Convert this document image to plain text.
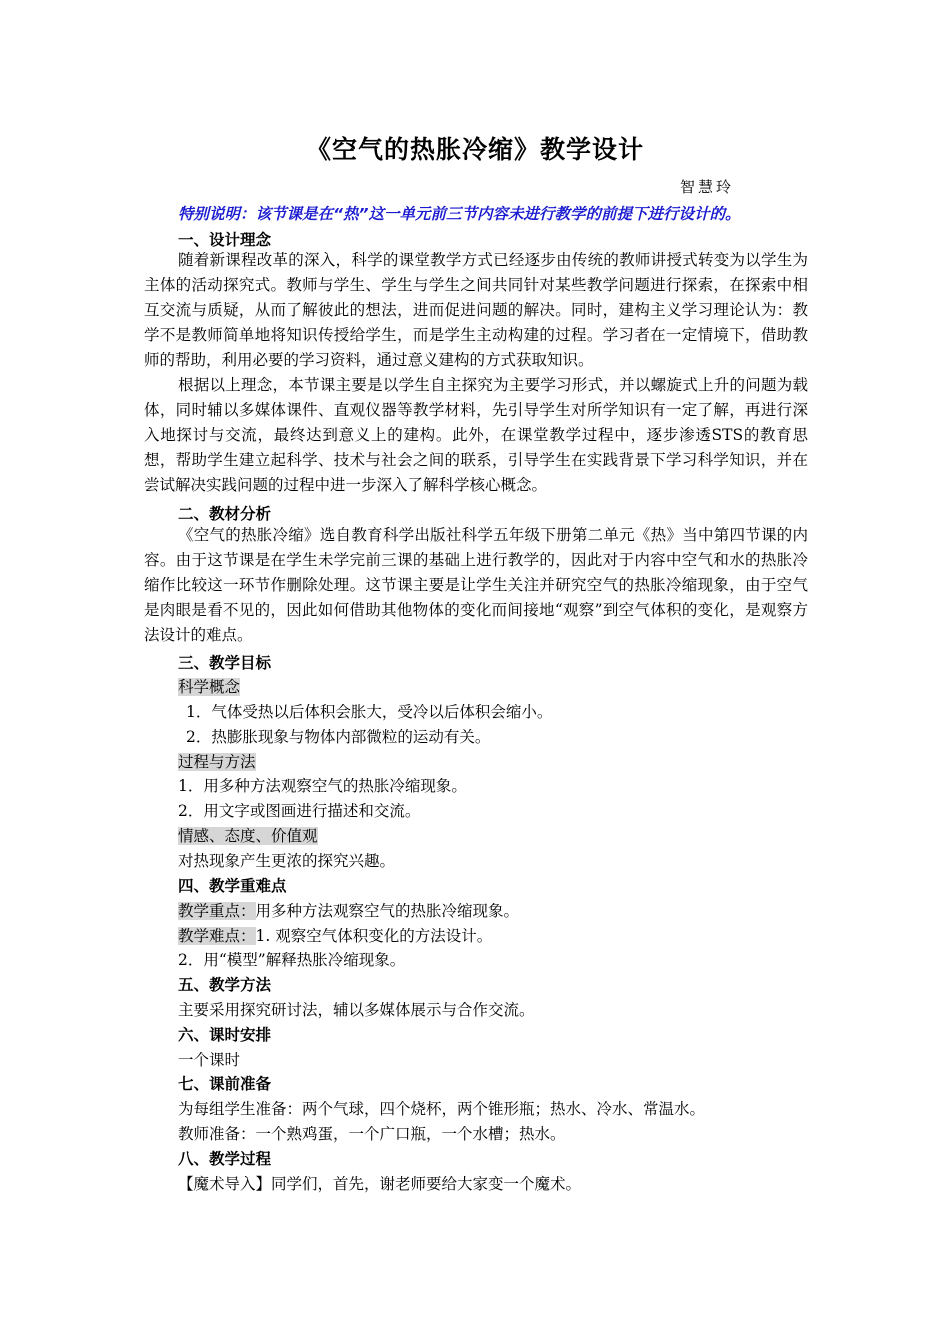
《空气的热胀冷缩》教学设计
智慧玲
特别说明：该节课是在“热”这一单元前三节内容未进行教学的前提下进行设计的。
一、设计理念
随着新课程改革的深入，科学的课堂教学方式已经逐步由传统的教师讲授式转变为以学生为主体的活动探究式。教师与学生、学生与学生之间共同针对某些教学问题进行探索，在探索中相互交流与质疑，从而了解彼此的想法，进而促进问题的解决。同时，建构主义学习理论认为：教学不是教师简单地将知识传授给学生，而是学生主动构建的过程。学习者在一定情境下，借助教师的帮助，利用必要的学习资料，通过意义建构的方式获取知识。
根据以上理念，本节课主要是以学生自主探究为主要学习形式，并以螺旋式上升的问题为载体，同时辅以多媒体课件、直观仪器等教学材料，先引导学生对所学知识有一定了解，再进行深入地探讨与交流，最终达到意义上的建构。此外，在课堂教学过程中，逐步渗透STS的教育思想，帮助学生建立起科学、技术与社会之间的联系，引导学生在实践背景下学习科学知识，并在尝试解决实践问题的过程中进一步深入了解科学核心概念。
二、教材分析
《空气的热胀冷缩》选自教育科学出版社科学五年级下册第二单元《热》当中第四节课的内容。由于这节课是在学生未学完前三课的基础上进行教学的，因此对于内容中空气和水的热胀冷缩作比较这一环节作删除处理。这节课主要是让学生关注并研究空气的热胀冷缩现象，由于空气是肉眼是看不见的，因此如何借助其他物体的变化而间接地“观察”到空气体积的变化，是观察方法设计的难点。
三、教学目标
科学概念
1．气体受热以后体积会胀大，受冷以后体积会缩小。
2．热膨胀现象与物体内部微粒的运动有关。
过程与方法
1．用多种方法观察空气的热胀冷缩现象。
2．用文字或图画进行描述和交流。
情感、态度、价值观
对热现象产生更浓的探究兴趣。
四、教学重难点
教学重点：用多种方法观察空气的热胀冷缩现象。
教学难点：1. 观察空气体积变化的方法设计。
2．用“模型”解释热胀冷缩现象。
五、教学方法
主要采用探究研讨法，辅以多媒体展示与合作交流。
六、课时安排
一个课时
七、课前准备
为每组学生准备：两个气球，四个烧杯，两个锥形瓶；热水、冷水、常温水。
教师准备：一个熟鸡蛋，一个广口瓶，一个水槽；热水。
八、教学过程
【魔术导入】同学们，首先，谢老师要给大家变一个魔术。
